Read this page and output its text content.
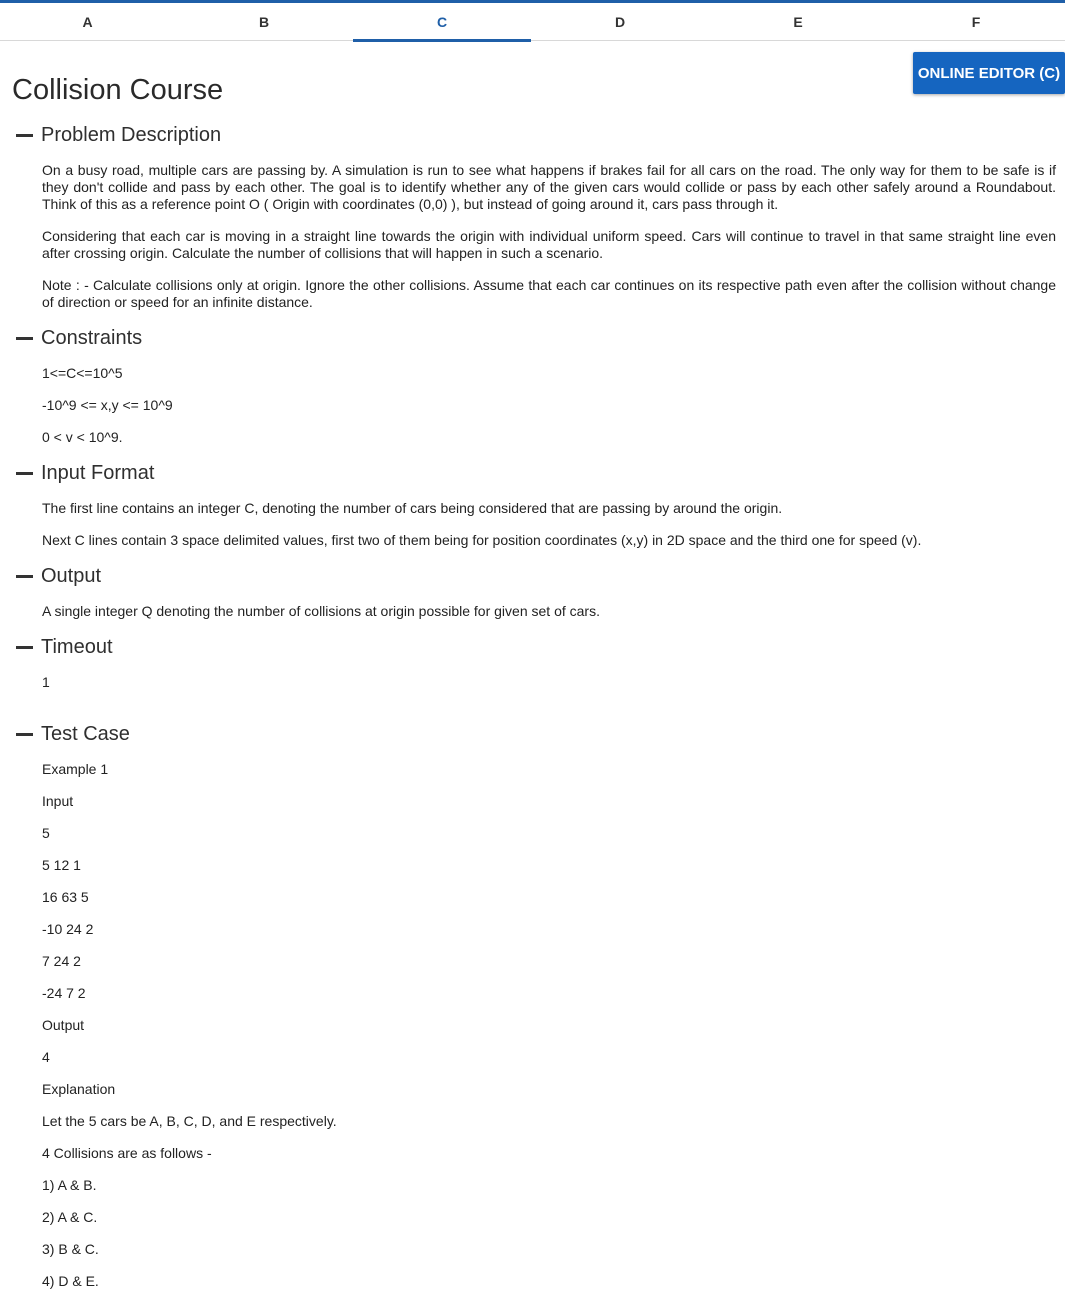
A	B	C	D	E	F
ONLINE EDITOR (C)
Collision Course
Problem Description

On a busy road, multiple cars are passing by. A simulation is run to see what happens if brakes fail for all cars on the road. The only way for them to be safe is if they don't collide and pass by each other. The goal is to identify whether any of the given cars would collide or pass by each other safely around a Roundabout. Think of this as a reference point O ( Origin with coordinates (0,0) ), but instead of going around it, cars pass through it.

Considering that each car is moving in a straight line towards the origin with individual uniform speed. Cars will continue to travel in that same straight line even after crossing origin. Calculate the number of collisions that will happen in such a scenario.

Note : - Calculate collisions only at origin. Ignore the other collisions. Assume that each car continues on its respective path even after the collision without change of direction or speed for an infinite distance.

Constraints

1<=C<=10^5

-10^9 <= x,y <= 10^9

0 < v < 10^9.

Input Format

The first line contains an integer C, denoting the number of cars being considered that are passing by around the origin.

Next C lines contain 3 space delimited values, first two of them being for position coordinates (x,y) in 2D space and the third one for speed (v).

Output

A single integer Q denoting the number of collisions at origin possible for given set of cars.

Timeout

1

Test Case

Example 1

Input

5

5 12 1

16 63 5

-10 24 2

7 24 2

-24 7 2

Output

4

Explanation

Let the 5 cars be A, B, C, D, and E respectively.

4 Collisions are as follows -

1) A & B.

2) A & C.

3) B & C.

4) D & E.
